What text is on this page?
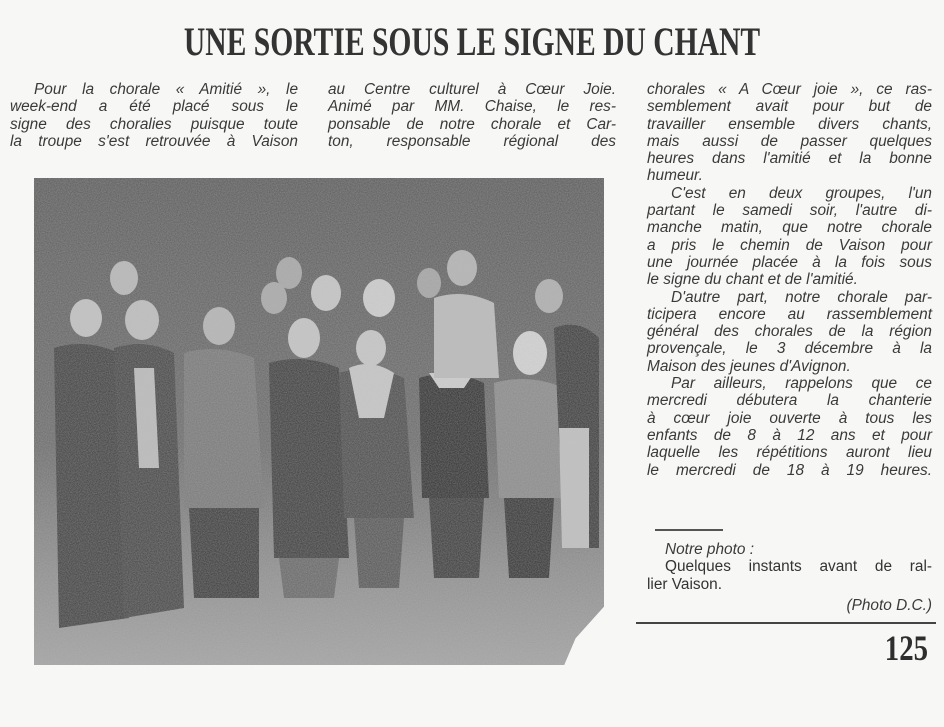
UNE SORTIE SOUS LE SIGNE DU CHANT
Pour la chorale « Amitié », le
week-end a été placé sous le
signe des choralies puisque toute
la troupe s'est retrouvée à Vaison
au Centre culturel à Cœur Joie.
Animé par MM. Chaise, le res-
ponsable de notre chorale et Car-
ton, responsable régional des
chorales « A Cœur joie », ce ras-
semblement avait pour but de
travailler ensemble divers chants,
mais aussi de passer quelques
heures dans l'amitié et la bonne
humeur.
C'est en deux groupes, l'un
partant le samedi soir, l'autre di-
manche matin, que notre chorale
a pris le chemin de Vaison pour
une journée placée à la fois sous
le signe du chant et de l'amitié.
D'autre part, notre chorale par-
ticipera encore au rassemblement
général des chorales de la région
provençale, le 3 décembre à la
Maison des jeunes d'Avignon.
Par ailleurs, rappelons que ce
mercredi débutera la chanterie
à cœur joie ouverte à tous les
enfants de 8 à 12 ans et pour
laquelle les répétitions auront lieu
le mercredi de 18 à 19 heures.
Notre photo :
Quelques instants avant de ral-
lier Vaison.
(Photo D.C.)
125
